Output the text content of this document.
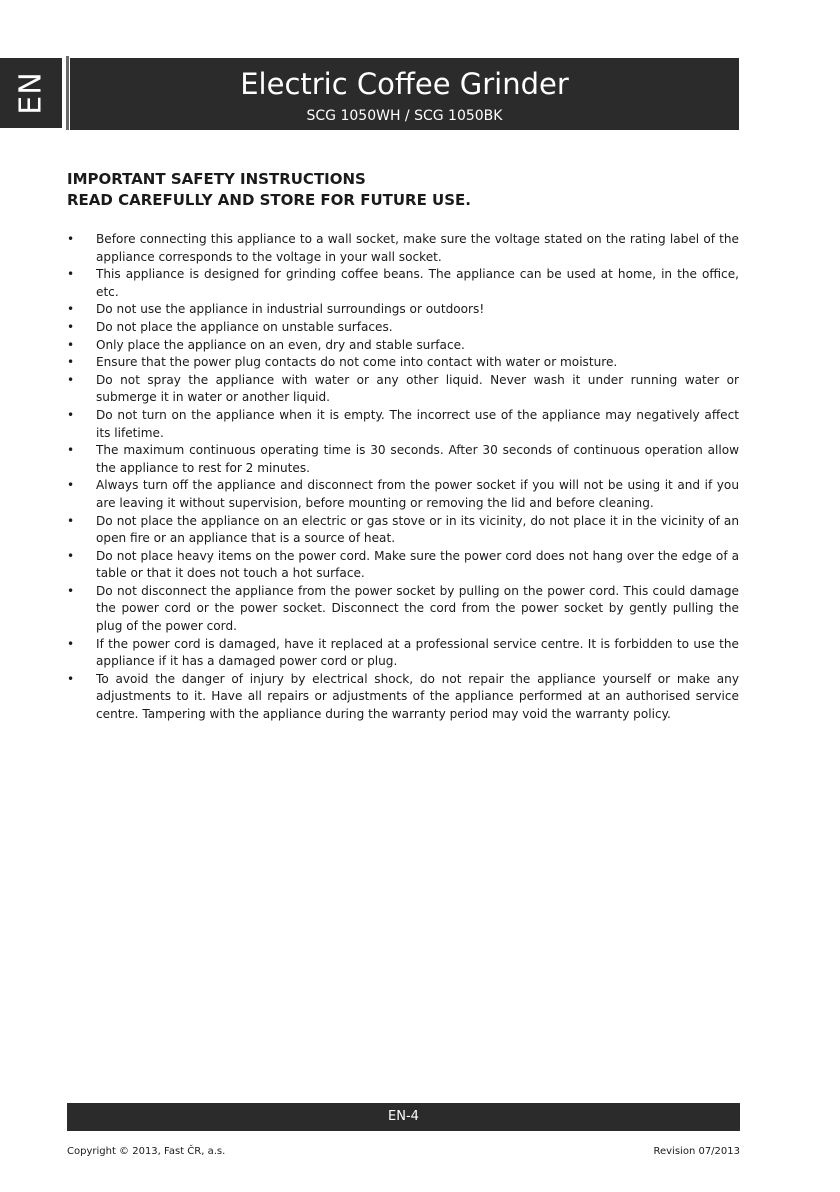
EN	Electric Coffee Grinder
SCG 1050WH / SCG 1050BK
IMPORTANT SAFETY INSTRUCTIONS
READ CAREFULLY AND STORE FOR FUTURE USE.
• Before connecting this appliance to a wall socket, make sure the voltage stated on the rating label of the appliance corresponds to the voltage in your wall socket.
• This appliance is designed for grinding coffee beans. The appliance can be used at home, in the office, etc.
• Do not use the appliance in industrial surroundings or outdoors!
• Do not place the appliance on unstable surfaces.
• Only place the appliance on an even, dry and stable surface.
• Ensure that the power plug contacts do not come into contact with water or moisture.
• Do not spray the appliance with water or any other liquid. Never wash it under running water or submerge it in water or another liquid.
• Do not turn on the appliance when it is empty. The incorrect use of the appliance may negatively affect its lifetime.
• The maximum continuous operating time is 30 seconds. After 30 seconds of continuous operation allow the appliance to rest for 2 minutes.
• Always turn off the appliance and disconnect from the power socket if you will not be using it and if you are leaving it without supervision, before mounting or removing the lid and before cleaning.
• Do not place the appliance on an electric or gas stove or in its vicinity, do not place it in the vicinity of an open fire or an appliance that is a source of heat.
• Do not place heavy items on the power cord. Make sure the power cord does not hang over the edge of a table or that it does not touch a hot surface.
• Do not disconnect the appliance from the power socket by pulling on the power cord. This could damage the power cord or the power socket. Disconnect the cord from the power socket by gently pulling the plug of the power cord.
• If the power cord is damaged, have it replaced at a professional service centre. It is forbidden to use the appliance if it has a damaged power cord or plug.
• To avoid the danger of injury by electrical shock, do not repair the appliance yourself or make any adjustments to it. Have all repairs or adjustments of the appliance performed at an authorised service centre. Tampering with the appliance during the warranty period may void the warranty policy.
EN-4
Copyright © 2013, Fast ČR, a.s.	Revision 07/2013
